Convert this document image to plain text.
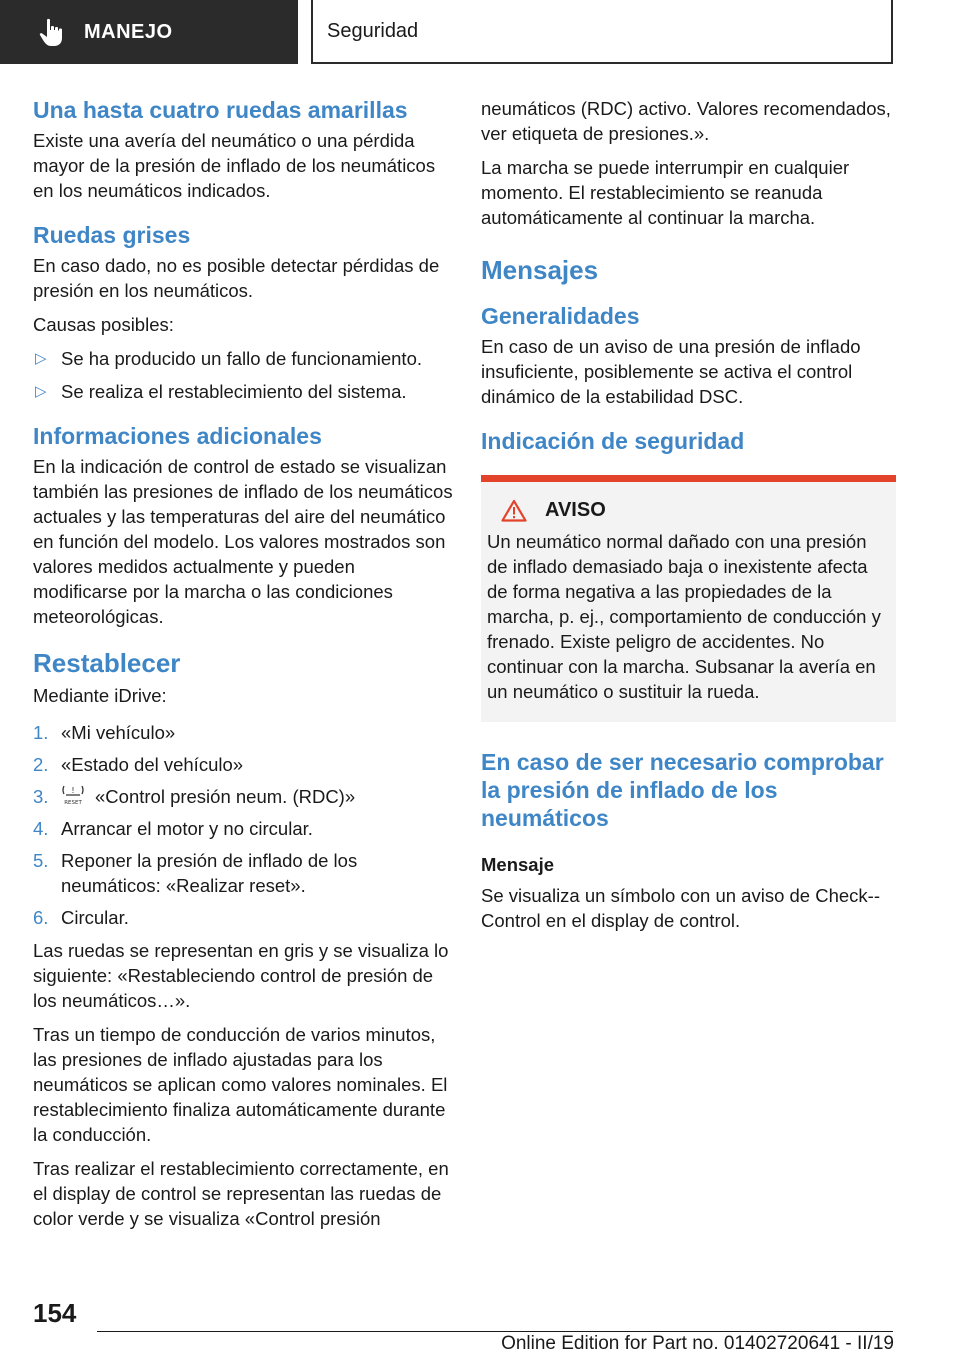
MANEJO	Seguridad
Una hasta cuatro ruedas amarillas

Existe una avería del neumático o una pérdida mayor de la presión de inflado de los neumáticos en los neumáticos indicados.

Ruedas grises

En caso dado, no es posible detectar pérdidas de presión en los neumáticos.

Causas posibles:

▷ Se ha producido un fallo de funcionamiento.
▷ Se realiza el restablecimiento del sistema.
Informaciones adicionales

En la indicación de control de estado se visualizan también las presiones de inflado de los neumáticos actuales y las temperaturas del aire del neumático en función del modelo. Los valores mostrados son valores medidos actualmente y pueden modificarse por la marcha o las condiciones meteorológicas.

Restablecer

Mediante iDrive:

1. «Mi vehículo»
2. «Estado del vehículo»
3.	!
RESET «Control presión neum. (RDC)»
4. Arrancar el motor y no circular.
5. Reponer la presión de inflado de los neumáticos: «Realizar reset».
6. Circular.

Las ruedas se representan en gris y se visualiza lo siguiente: «Restableciendo control de presión de los neumáticos…».

Tras un tiempo de conducción de varios minutos, las presiones de inflado ajustadas para los neumáticos se aplican como valores nominales. El restablecimiento finaliza automáticamente durante la conducción.

Tras realizar el restablecimiento correctamente, en el display de control se representan las ruedas de color verde y se visualiza «Control presión

neumáticos (RDC) activo. Valores recomendados, ver etiqueta de presiones.».

La marcha se puede interrumpir en cualquier momento. El restablecimiento se reanuda automáticamente al continuar la marcha.

Mensajes
Generalidades

En caso de un aviso de una presión de inflado insuficiente, posiblemente se activa el control dinámico de la estabilidad DSC.

Indicación de seguridad
AVISO

Un neumático normal dañado con una presión de inflado demasiado baja o inexistente afecta de forma negativa a las propiedades de la marcha, p. ej., comportamiento de conducción y frenado. Existe peligro de accidentes. No continuar con la marcha. Subsanar la avería en un neumático o sustituir la rueda.

En caso de ser necesario comprobar la presión de inflado de los neumáticos
Mensaje

Se visualiza un símbolo con un aviso de Check--Control en el display de control.

154
Online Edition for Part no. 01402720641 - II/19
